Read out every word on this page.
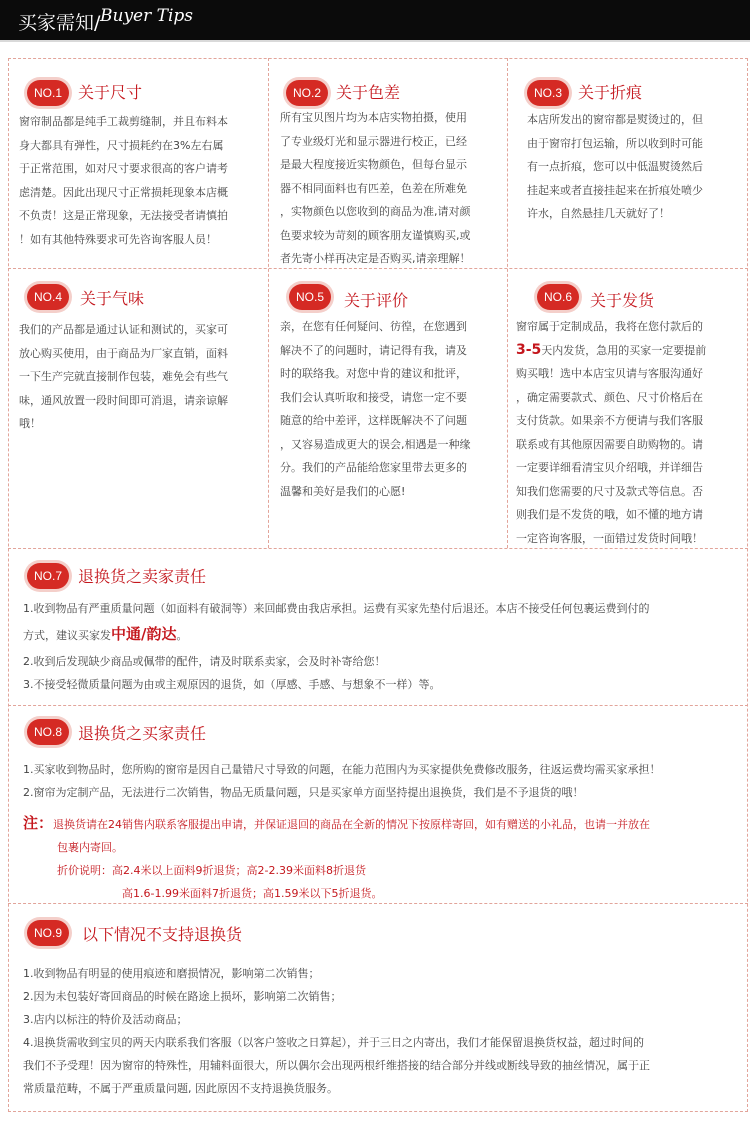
买家需知/ Buyer Tips
NO.1	关于尺寸
窗帘制品都是纯手工裁剪缝制，并且布料本
身大都具有弹性，尺寸损耗约在3%左右属
于正常范围，如对尺寸要求很高的客户请考
虑清楚。因此出现尺寸正常损耗现象本店概
不负责！这是正常现象，无法接受者请慎拍
！如有其他特殊要求可先咨询客服人员！
NO.2 关于色差
所有宝贝图片均为本店实物拍摄，使用
了专业级灯光和显示器进行校正，已经
是最大程度接近实物颜色，但每台显示
器不相同面料也有匹差，色差在所难免
，实物颜色以您收到的商品为准,请对颜
色要求较为苛刻的顾客朋友谨慎购买,或
者先寄小样再决定是否购买,请亲理解！
NO.3	关于折痕
本店所发出的窗帘都是熨烫过的，但
由于窗帘打包运输，所以收到时可能
有一点折痕，您可以中低温熨烫然后
挂起来或者直接挂起来在折痕处喷少
许水，自然悬挂几天就好了！
NO.4	关于气味
我们的产品都是通过认证和测试的，买家可
放心购买使用，由于商品为厂家直销，面料
一下生产完就直接制作包装，难免会有些气
味，通风放置一段时间即可消退，请亲谅解
哦！
NO.5	关于评价
亲，在您有任何疑问、彷徨，在您遇到
解决不了的问题时，请记得有我，请及
时的联络我。对您中肯的建议和批评，
我们会认真听取和接受，请您一定不要
随意的给中差评，这样既解决不了问题
，又容易造成更大的误会,相遇是一种缘
分。我们的产品能给您家里带去更多的
温馨和美好是我们的心愿!
NO.6	关于发货
窗帘属于定制成品，我将在您付款后的
3-5天内发货，急用的买家一定要提前
购买哦！选中本店宝贝请与客服沟通好
，确定需要款式、颜色、尺寸价格后在
支付货款。如果亲不方便请与我们客服
联系或有其他原因需要自助购物的。请
一定要详细看清宝贝介绍哦，并详细告
知我们您需要的尺寸及款式等信息。否
则我们是不发货的哦，如不懂的地方请
一定咨询客服，一面错过发货时间哦！
NO.7	退换货之卖家责任
1.收到物品有严重质量问题（如面料有破洞等）来回邮费由我店承担。运费有买家先垫付后退还。本店不接受任何包裹运费到付的
方式，建议买家发中通/韵达。
2.收到后发现缺少商品或佩带的配件，请及时联系卖家，会及时补寄给您！
3.不接受轻微质量问题为由或主观原因的退货，如（厚感、手感、与想象不一样）等。
NO.8	退换货之买家责任
1.买家收到物品时，您所购的窗帘是因自己量错尺寸导致的问题，在能力范围内为买家提供免费修改服务，往返运费均需买家承担！
2.窗帘为定制产品，无法进行二次销售，物品无质量问题，只是买家单方面坚持提出退换货，我们是不予退货的哦！
注：退换货请在24销售内联系客服提出申请，并保证退回的商品在全新的情况下按原样寄回，如有赠送的小礼品，也请一并放在
包裹内寄回。
折价说明：高2.4米以上面料9折退货；高2-2.39米面料8折退货
高1.6-1.99米面料7折退货；高1.59米以下5折退货。
NO.9	以下情况不支持退换货
1.收到物品有明显的使用痕迹和磨损情况，影响第二次销售；
2.因为未包装好寄回商品的时候在路途上损坏，影响第二次销售；
3.店内以标注的特价及活动商品；
4.退换货需收到宝贝的两天内联系我们客服（以客户签收之日算起），并于三日之内寄出，我们才能保留退换货权益，超过时间的
我们不予受理！因为窗帘的特殊性，用辅料面很大，所以偶尔会出现两根纤维搭接的结合部分并线或断线导致的抽丝情况，属于正
常质量范畴，不属于严重质量问题, 因此原因不支持退换货服务。
